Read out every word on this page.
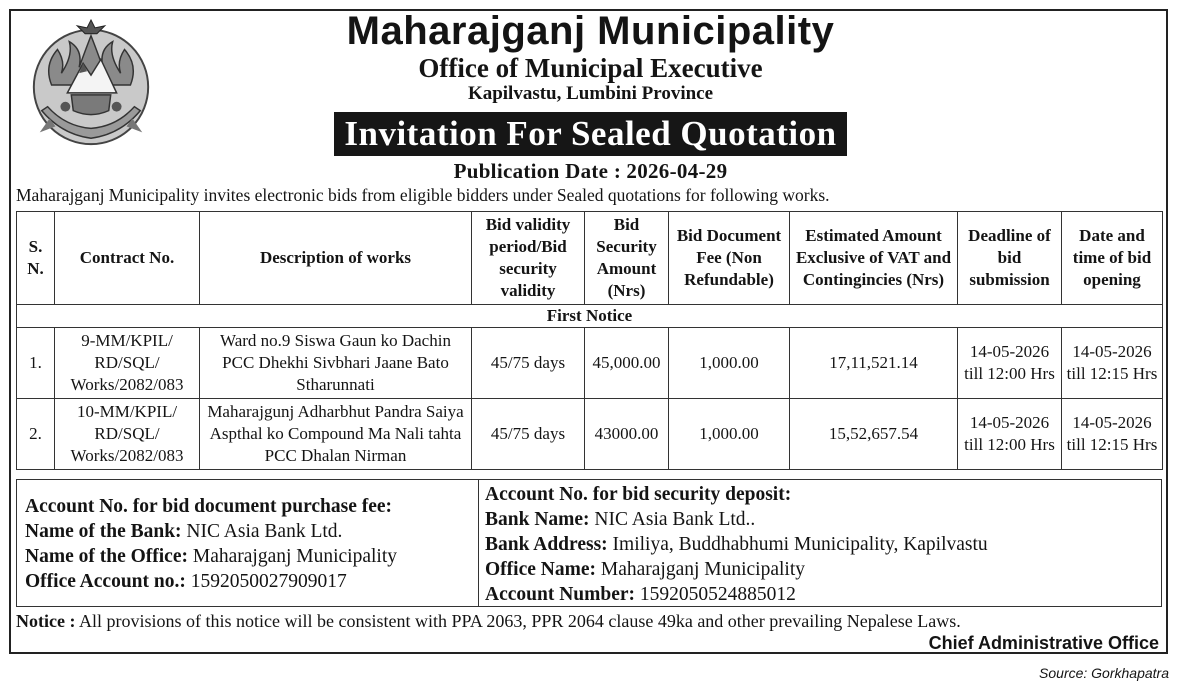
Maharajganj Municipality
Office of Municipal Executive
Kapilvastu, Lumbini Province
Invitation For Sealed Quotation
Publication Date : 2026-04-29
Maharajganj Municipality invites electronic bids from eligible bidders under Sealed quotations for following works.
S. N.	Contract No.	Description of works	Bid validity period/Bid security validity	Bid Security Amount (Nrs)	Bid Document Fee (Non Refundable)	Estimated Amount Exclusive of VAT and Contingincies (Nrs)	Deadline of bid submission	Date and time of bid opening
First Notice								
1.	9-MM/KPIL/ RD/SQL/ Works/2082/083	Ward no.9 Siswa Gaun ko Dachin PCC Dhekhi Sivbhari Jaane Bato Stharunnati	45/75 days	45,000.00	1,000.00	17,11,521.14	14-05-2026 till 12:00 Hrs	14-05-2026 till 12:15 Hrs
2.	10-MM/KPIL/ RD/SQL/ Works/2082/083	Maharajgunj Adharbhut Pandra Saiya Aspthal ko Compound Ma Nali tahta PCC Dhalan Nirman	45/75 days	43000.00	1,000.00	15,52,657.54	14-05-2026 till 12:00 Hrs	14-05-2026 till 12:15 Hrs
Account No. for bid document purchase fee:
Name of the Bank: NIC Asia Bank Ltd.
Name of the Office: Maharajganj Municipality
Office Account no.: 1592050027909017
Account No. for bid security deposit:
Bank Name: NIC Asia Bank Ltd..
Bank Address: Imiliya, Buddhabhumi Municipality, Kapilvastu
Office Name: Maharajganj Municipality
Account Number: 1592050524885012
Notice : All provisions of this notice will be consistent with PPA 2063, PPR 2064 clause 49ka and other prevailing Nepalese Laws.
Chief Administrative Office
Source: Gorkhapatra
